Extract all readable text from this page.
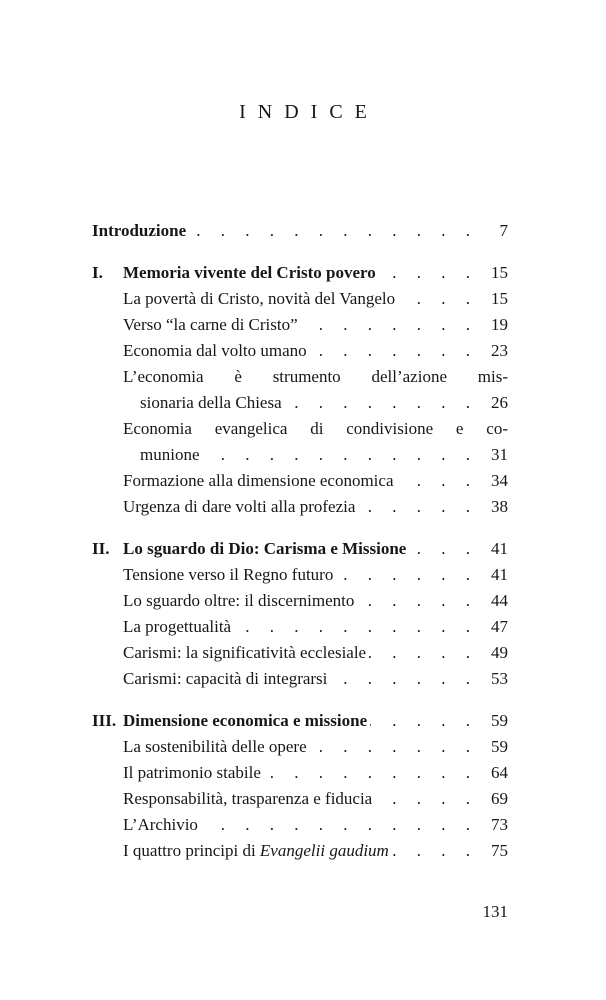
INDICE
Introduzione . . .	7
I.	Memoria vivente del Cristo povero . . .	15
La povertà di Cristo, novità del Vangelo . . .	15
Verso “la carne di Cristo” . . .	19
Economia dal volto umano . . .	23
L’economia è strumento dell’azione mis-
sionaria della Chiesa . . .	26
Economia evangelica di condivisione e co-
munione . . .	31
Formazione alla dimensione economica . . .	34
Urgenza di dare volti alla profezia . . .	38
II. Lo sguardo di Dio: Carisma e Missione . . .	41
Tensione verso il Regno futuro . . .	41
Lo sguardo oltre: il discernimento . . .	44
La progettualità . . .	47
Carismi: la significatività ecclesiale . . .	49
Carismi: capacità di integrarsi . . .	53
III. Dimensione economica e missione . . .	59
La sostenibilità delle opere . . .	59
Il patrimonio stabile . . .	64
Responsabilità, trasparenza e fiducia . . .	69
L’Archivio . . .	73
I quattro principi di Evangelii gaudium . . .	75
131
